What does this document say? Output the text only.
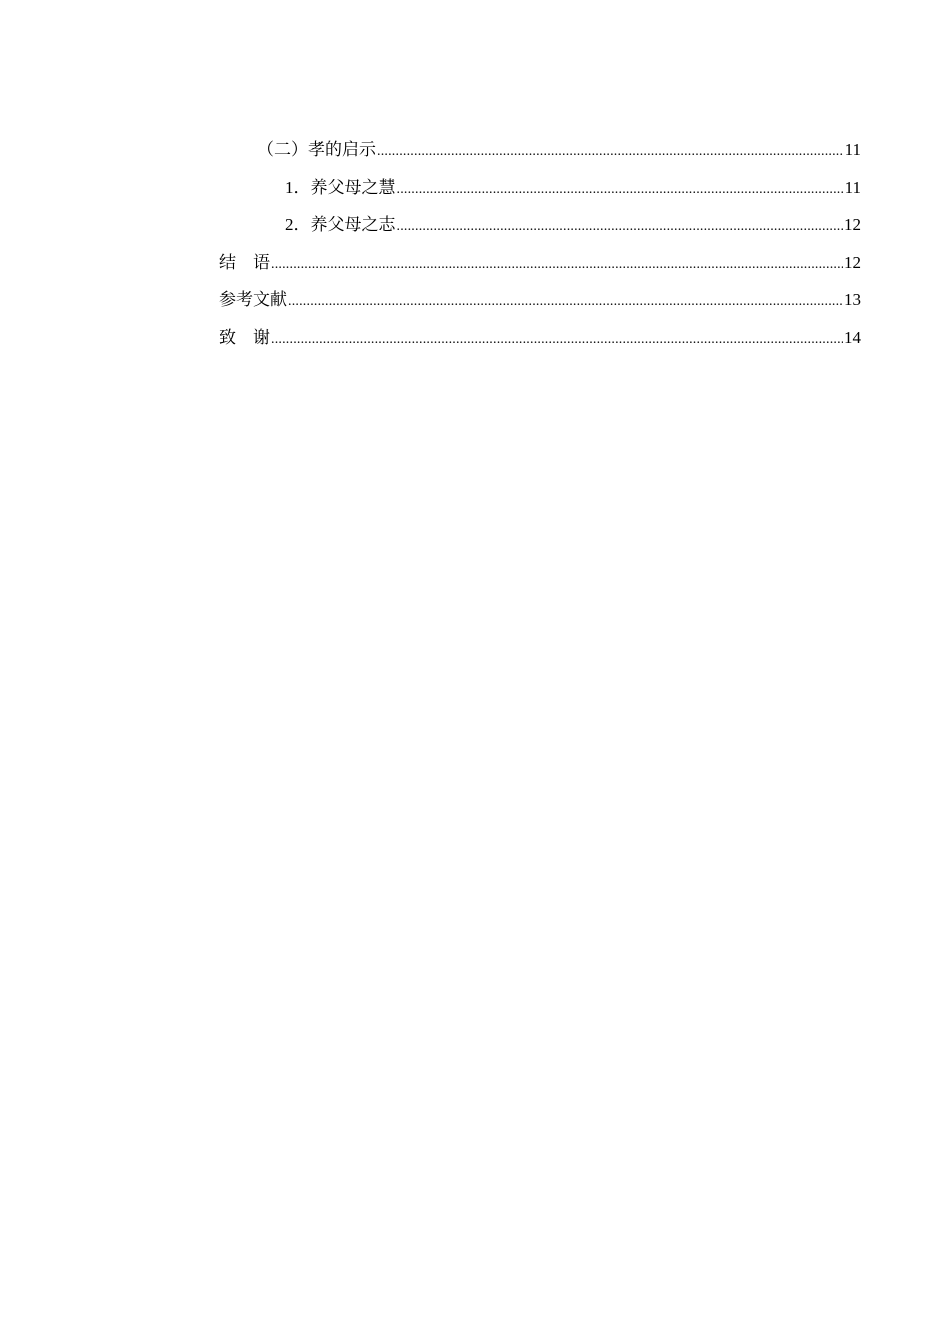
（二） 孝的启示 .....	11
1． 养父母之慧 .....	11
2． 养父母之志 .....	12
结　语 .....	12
参考文献 .....	13
致　谢 .....	14
